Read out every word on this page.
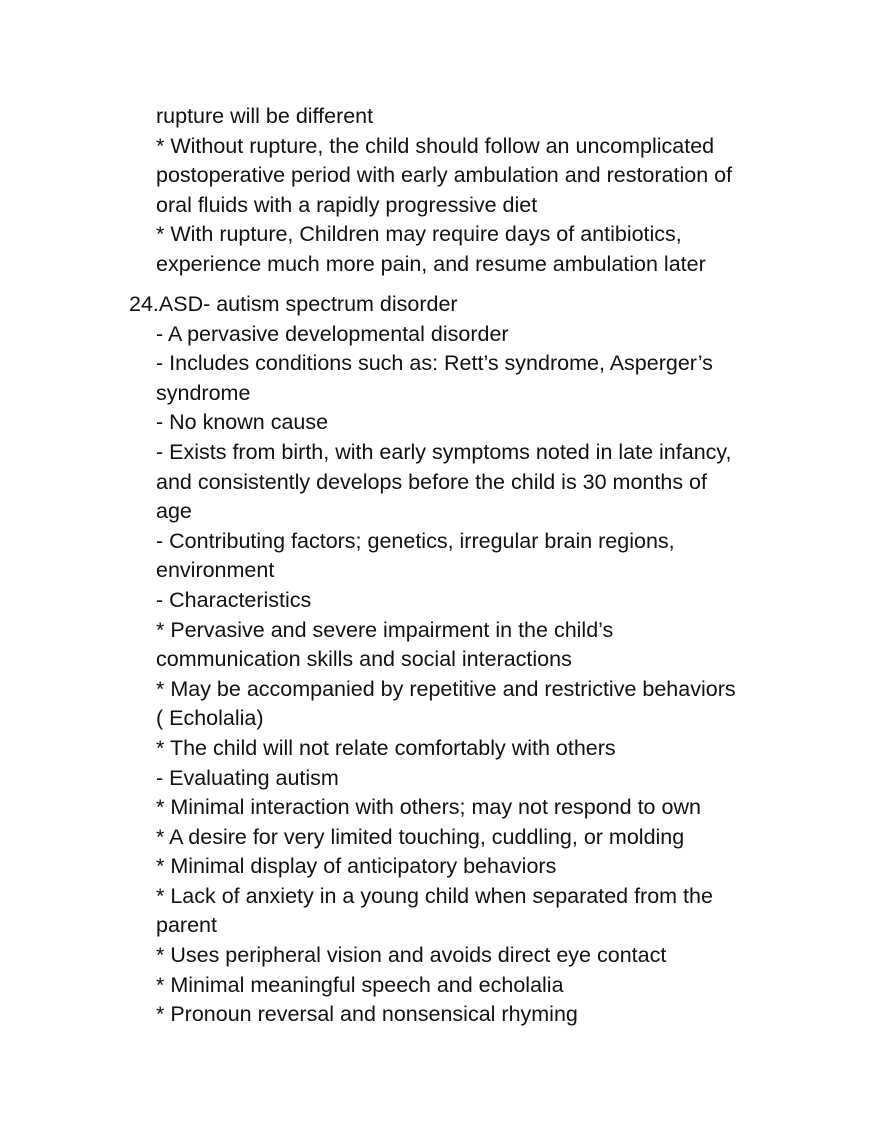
rupture will be different
* Without rupture, the child should follow an uncomplicated
postoperative period with early ambulation and restoration of
oral fluids with a rapidly progressive diet
* With rupture, Children may require days of antibiotics,
experience much more pain, and resume ambulation later
24.ASD- autism spectrum disorder
- A pervasive developmental disorder
- Includes conditions such as: Rett’s syndrome, Asperger’s
syndrome
- No known cause
- Exists from birth, with early symptoms noted in late infancy,
and consistently develops before the child is 30 months of
age
- Contributing factors; genetics, irregular brain regions,
environment
- Characteristics
* Pervasive and severe impairment in the child’s
communication skills and social interactions
* May be accompanied by repetitive and restrictive behaviors
( Echolalia)
* The child will not relate comfortably with others
- Evaluating autism
* Minimal interaction with others; may not respond to own
* A desire for very limited touching, cuddling, or molding
* Minimal display of anticipatory behaviors
* Lack of anxiety in a young child when separated from the
parent
* Uses peripheral vision and avoids direct eye contact
* Minimal meaningful speech and echolalia
* Pronoun reversal and nonsensical rhyming
